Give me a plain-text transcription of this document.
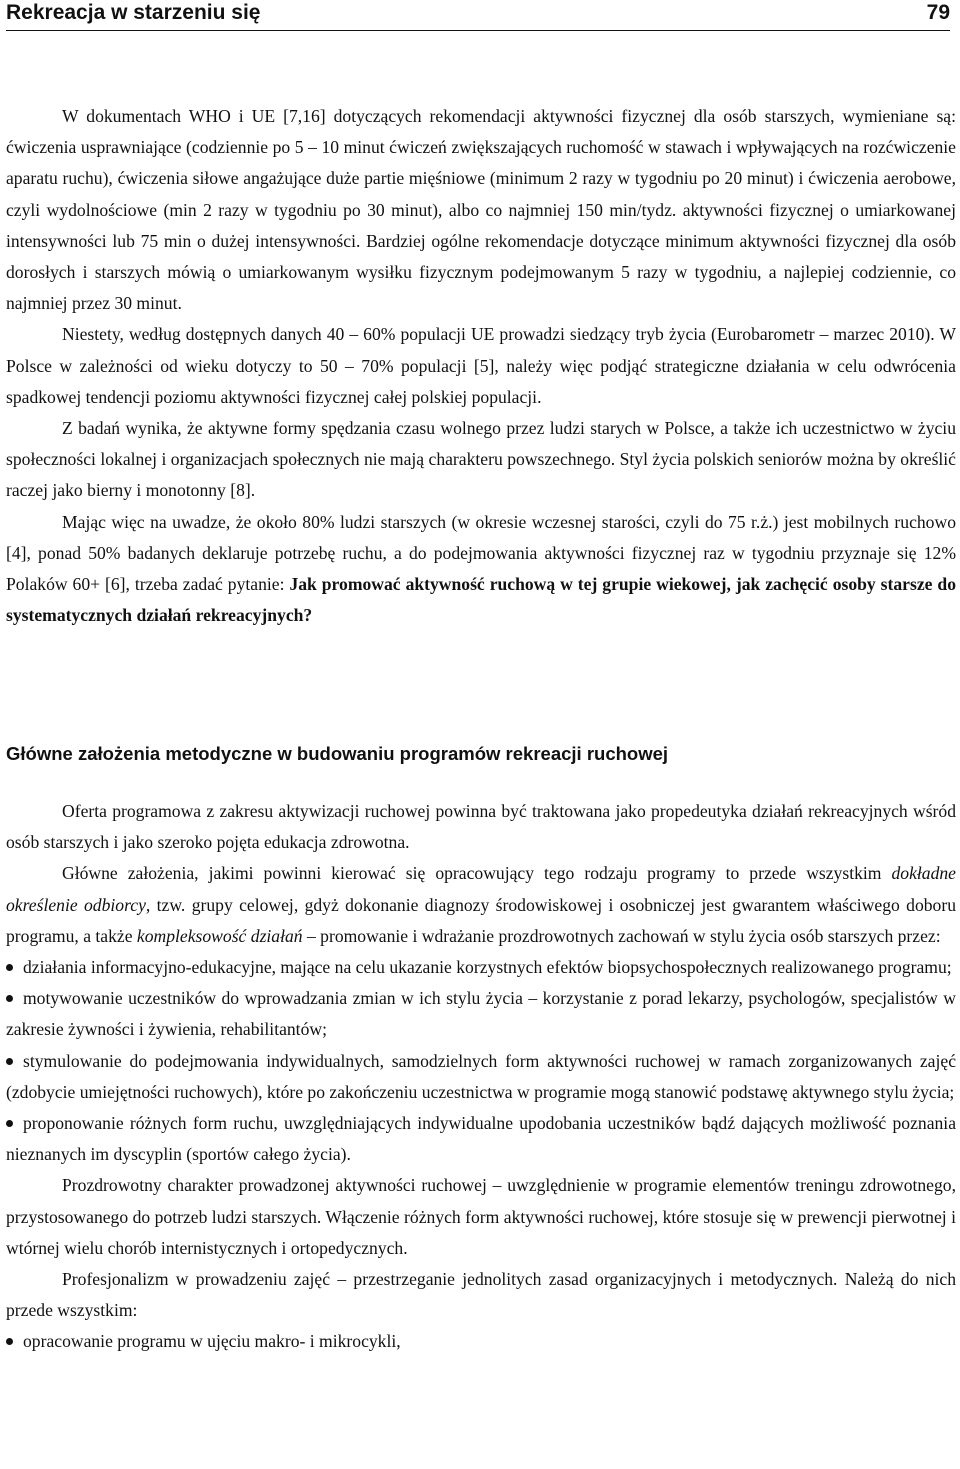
Rekreacja w starzeniu się	79

W dokumentach WHO i UE [7,16] dotyczących rekomendacji aktywności fizycznej dla osób starszych, wymieniane są: ćwiczenia usprawniające (codziennie po 5 – 10 minut ćwiczeń zwiększających ruchomość w stawach i wpływających na rozćwiczenie aparatu ruchu), ćwiczenia siłowe angażujące duże partie mięśniowe (minimum 2 razy w tygodniu po 20 minut) i ćwiczenia aerobowe, czyli wydolnościowe (min 2 razy w tygodniu po 30 minut), albo co najmniej 150 min/tydz. aktywności fizycznej o umiarkowanej intensywności lub 75 min o dużej intensywności. Bardziej ogólne rekomendacje dotyczące minimum aktywności fizycznej dla osób dorosłych i starszych mówią o umiarkowanym wysiłku fizycznym podejmowanym 5 razy w tygodniu, a najlepiej codziennie, co najmniej przez 30 minut.

Niestety, według dostępnych danych 40 – 60% populacji UE prowadzi siedzący tryb życia (Eurobarometr – marzec 2010). W Polsce w zależności od wieku dotyczy to 50 – 70% populacji [5], należy więc podjąć strategiczne działania w celu odwrócenia spadkowej tendencji poziomu aktywności fizycznej całej polskiej populacji.

Z badań wynika, że aktywne formy spędzania czasu wolnego przez ludzi starych w Polsce, a także ich uczestnictwo w życiu społeczności lokalnej i organizacjach społecznych nie mają charakteru powszechnego. Styl życia polskich seniorów można by określić raczej jako bierny i monotonny [8].

Mając więc na uwadze, że około 80% ludzi starszych (w okresie wczesnej starości, czyli do 75 r.ż.) jest mobilnych ruchowo [4], ponad 50% badanych deklaruje potrzebę ruchu, a do podejmowania aktywności fizycznej raz w tygodniu przyznaje się 12% Polaków 60+ [6], trzeba zadać pytanie: Jak promować aktywność ruchową w tej grupie wiekowej, jak zachęcić osoby starsze do systematycznych działań rekreacyjnych?

Główne założenia metodyczne w budowaniu programów rekreacji ruchowej

Oferta programowa z zakresu aktywizacji ruchowej powinna być traktowana jako propedeutyka działań rekreacyjnych wśród osób starszych i jako szeroko pojęta edukacja zdrowotna.

Główne założenia, jakimi powinni kierować się opracowujący tego rodzaju programy to przede wszystkim dokładne określenie odbiorcy, tzw. grupy celowej, gdyż dokonanie diagnozy środowiskowej i osobniczej jest gwarantem właściwego doboru programu, a także kompleksowość działań – promowanie i wdrażanie prozdrowotnych zachowań w stylu życia osób starszych przez:

działania informacyjno-edukacyjne, mające na celu ukazanie korzystnych efektów biopsychospołecznych realizowanego programu;
motywowanie uczestników do wprowadzania zmian w ich stylu życia – korzystanie z porad lekarzy, psychologów, specjalistów w zakresie żywności i żywienia, rehabilitantów;
stymulowanie do podejmowania indywidualnych, samodzielnych form aktywności ruchowej w ramach zorganizowanych zajęć (zdobycie umiejętności ruchowych), które po zakończeniu uczestnictwa w programie mogą stanowić podstawę aktywnego stylu życia;
proponowanie różnych form ruchu, uwzględniających indywidualne upodobania uczestników bądź dających możliwość poznania nieznanych im dyscyplin (sportów całego życia).

Prozdrowotny charakter prowadzonej aktywności ruchowej – uwzględnienie w programie elementów treningu zdrowotnego, przystosowanego do potrzeb ludzi starszych. Włączenie różnych form aktywności ruchowej, które stosuje się w prewencji pierwotnej i wtórnej wielu chorób internistycznych i ortopedycznych.

Profesjonalizm w prowadzeniu zajęć – przestrzeganie jednolitych zasad organizacyjnych i metodycznych. Należą do nich przede wszystkim:

opracowanie programu w ujęciu makro- i mikrocykli,
